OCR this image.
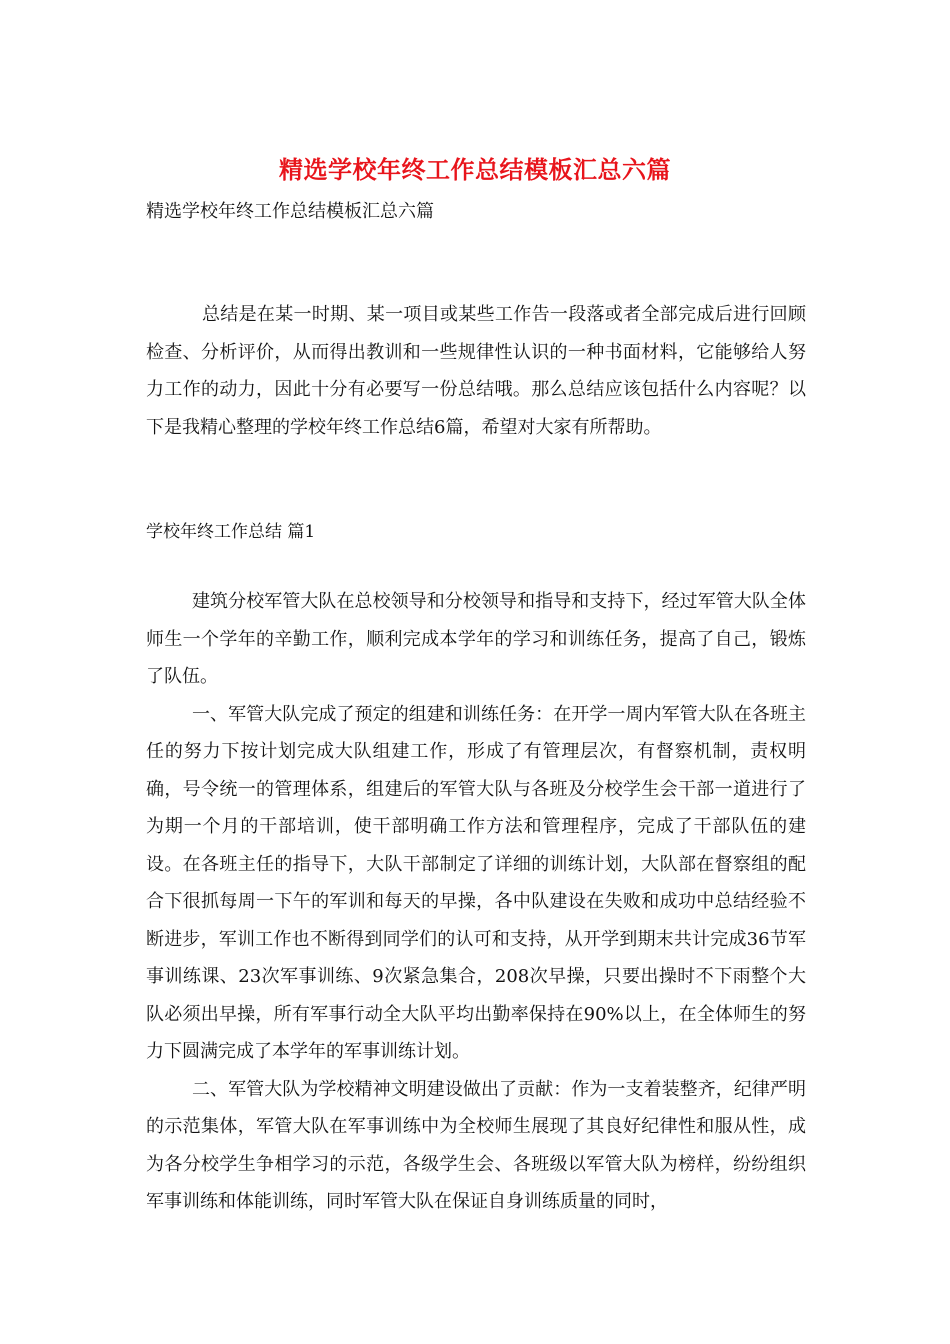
精选学校年终工作总结模板汇总六篇

精选学校年终工作总结模板汇总六篇

总结是在某一时期、某一项目或某些工作告一段落或者全部完成后进行回顾检查、分析评价，从而得出教训和一些规律性认识的一种书面材料，它能够给人努力工作的动力，因此十分有必要写一份总结哦。那么总结应该包括什么内容呢？以下是我精心整理的学校年终工作总结6篇，希望对大家有所帮助。

学校年终工作总结 篇1

建筑分校军管大队在总校领导和分校领导和指导和支持下，经过军管大队全体师生一个学年的辛勤工作，顺利完成本学年的学习和训练任务，提高了自己，锻炼了队伍。

一、军管大队完成了预定的组建和训练任务：在开学一周内军管大队在各班主任的努力下按计划完成大队组建工作，形成了有管理层次，有督察机制，责权明确，号令统一的管理体系，组建后的军管大队与各班及分校学生会干部一道进行了为期一个月的干部培训，使干部明确工作方法和管理程序，完成了干部队伍的建设。在各班主任的指导下，大队干部制定了详细的训练计划，大队部在督察组的配合下很抓每周一下午的军训和每天的早操，各中队建设在失败和成功中总结经验不断进步，军训工作也不断得到同学们的认可和支持，从开学到期末共计完成36节军事训练课、23次军事训练、9次紧急集合，208次早操，只要出操时不下雨整个大队必须出早操，所有军事行动全大队平均出勤率保持在90%以上，在全体师生的努力下圆满完成了本学年的军事训练计划。

二、军管大队为学校精神文明建设做出了贡献：作为一支着装整齐，纪律严明的示范集体，军管大队在军事训练中为全校师生展现了其良好纪律性和服从性，成为各分校学生争相学习的示范，各级学生会、各班级以军管大队为榜样，纷纷组织军事训练和体能训练，同时军管大队在保证自身训练质量的同时，
